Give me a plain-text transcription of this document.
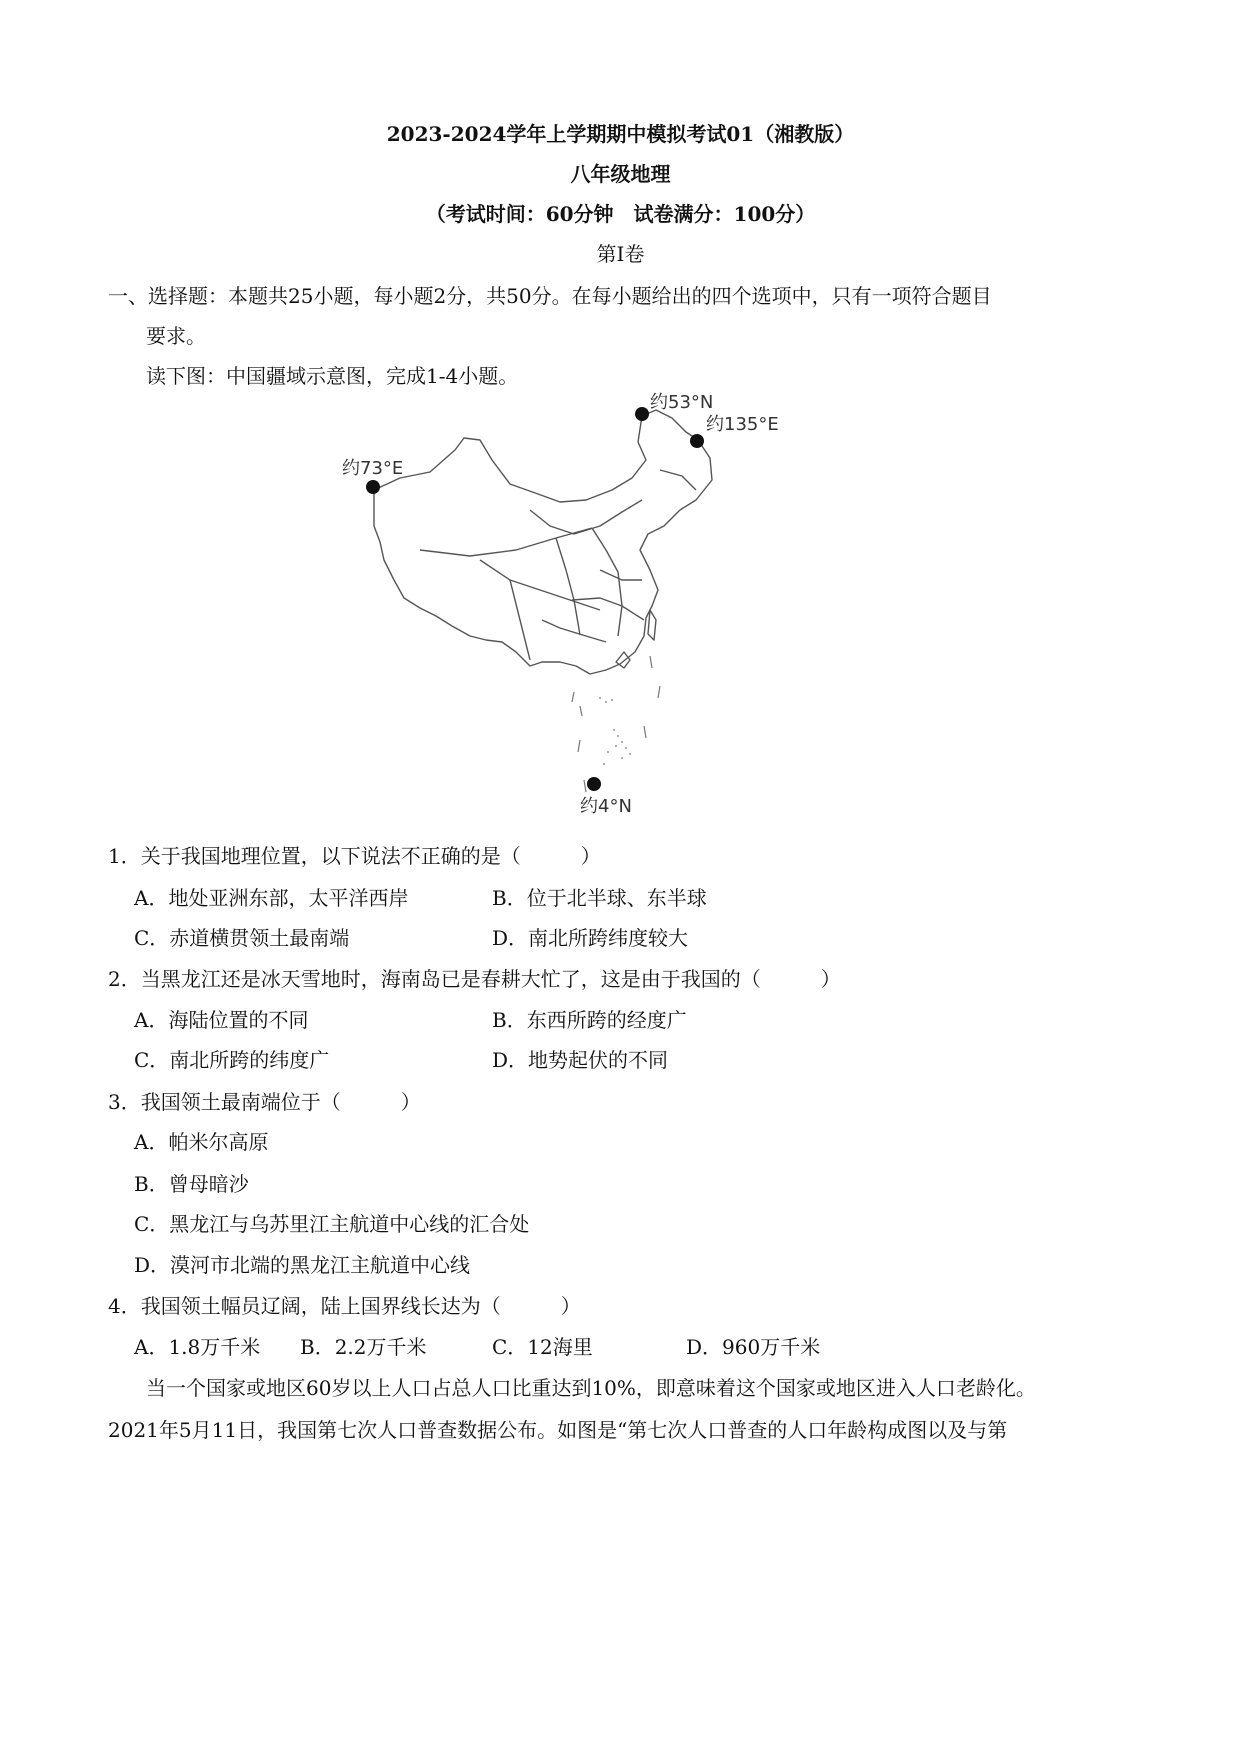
2023-2024学年上学期期中模拟考试01（湘教版）
八年级地理
（考试时间：60分钟　试卷满分：100分）
第Ⅰ卷
一、选择题：本题共25小题，每小题2分，共50分。在每小题给出的四个选项中，只有一项符合题目
要求。
读下图：中国疆域示意图，完成1-4小题。
约53°N
约135°E
约73°E
约4°N
1．关于我国地理位置，以下说法不正确的是（　　　）
A．地处亚洲东部，太平洋西岸	B．位于北半球、东半球
C．赤道横贯领土最南端	D．南北所跨纬度较大
2．当黑龙江还是冰天雪地时，海南岛已是春耕大忙了，这是由于我国的（　　　）
A．海陆位置的不同	B．东西所跨的经度广
C．南北所跨的纬度广	D．地势起伏的不同
3．我国领土最南端位于（　　　）
A．帕米尔高原
B．曾母暗沙
C．黑龙江与乌苏里江主航道中心线的汇合处
D．漠河市北端的黑龙江主航道中心线
4．我国领土幅员辽阔，陆上国界线长达为（　　　）
A．1.8万千米 B．2.2万千米	C．12海里	D．960万千米
当一个国家或地区60岁以上人口占总人口比重达到10%，即意味着这个国家或地区进入人口老龄化。
2021年5月11日，我国第七次人口普查数据公布。如图是“第七次人口普查的人口年龄构成图以及与第
